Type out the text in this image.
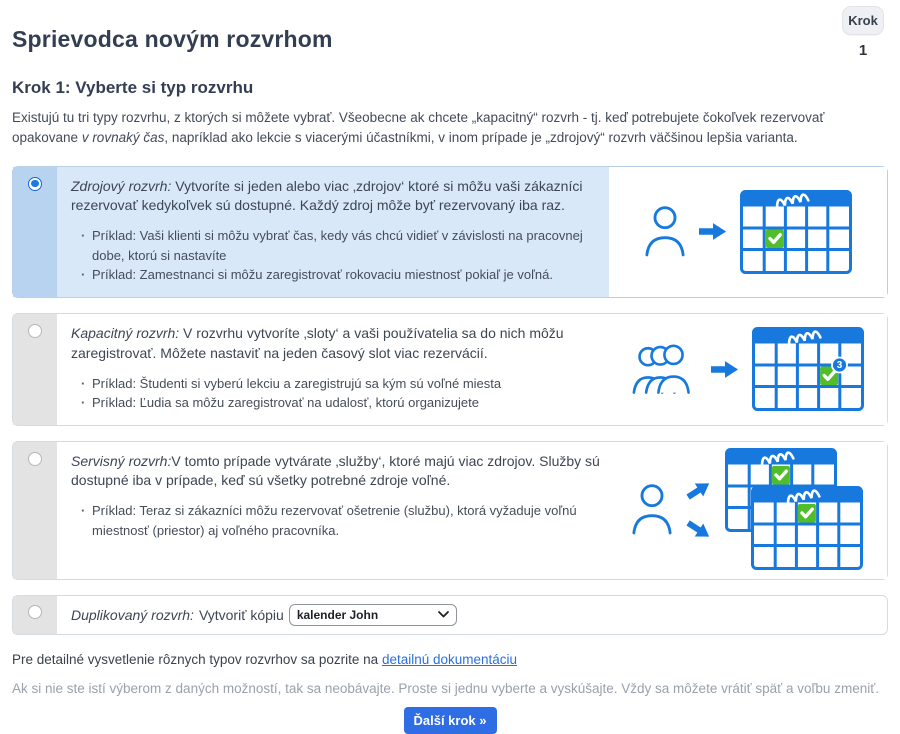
Sprievodca novým rozvrhom
Krok
1
Krok 1: Vyberte si typ rozvrhu

Existujú tu tri typy rozvrhu, z ktorých si môžete vybrať. Všeobecne ak chcete „kapacitný“ rozvrh - tj. keď potrebujete čokoľvek rezervovať opakovane v rovnaký čas, napríklad ako lekcie s viacerými účastníkmi, v inom prípade je „zdrojový“ rozvrh väčšinou lepšia varianta.

Zdrojový rozvrh: Vytvoríte si jeden alebo viac ‚zdrojov‘ ktoré si môžu vaši zákazníci rezervovať kedykoľvek sú dostupné. Každý zdroj môže byť rezervovaný iba raz.

· Príklad: Vaši klienti si môžu vybrať čas, kedy vás chcú vidieť v závislosti na pracovnej dobe, ktorú si nastavíte
· Príklad: Zamestnanci si môžu zaregistrovať rokovaciu miestnosť pokiaľ je voľná.

Kapacitný rozvrh: V rozvrhu vytvoríte ‚sloty‘ a vaši používatelia sa do nich môžu zaregistrovať. Môžete nastaviť na jeden časový slot viac rezervácií.

· Príklad: Študenti si vyberú lekciu a zaregistrujú sa kým sú voľné miesta
· Príklad: Ľudia sa môžu zaregistrovať na udalosť, ktorú organizujete
3

Servisný rozvrh:V tomto prípade vytvárate ‚služby‘, ktoré majú viac zdrojov. Služby sú dostupné iba v prípade, keď sú všetky potrebné zdroje voľné.

· Príklad: Teraz si zákazníci môžu rezervovať ošetrenie (službu), ktorá vyžaduje voľnú miestnosť (priestor) aj voľného pracovníka.
Duplikovaný rozvrh: Vytvoriť kópiu kalender John

Pre detailné vysvetlenie rôznych typov rozvrhov sa pozrite na detailnú dokumentáciu

Ak si nie ste istí výberom z daných možností, tak sa neobávajte. Proste si jednu vyberte a vyskúšajte. Vždy sa môžete vrátiť späť a voľbu zmeniť.

Ďalší krok »
